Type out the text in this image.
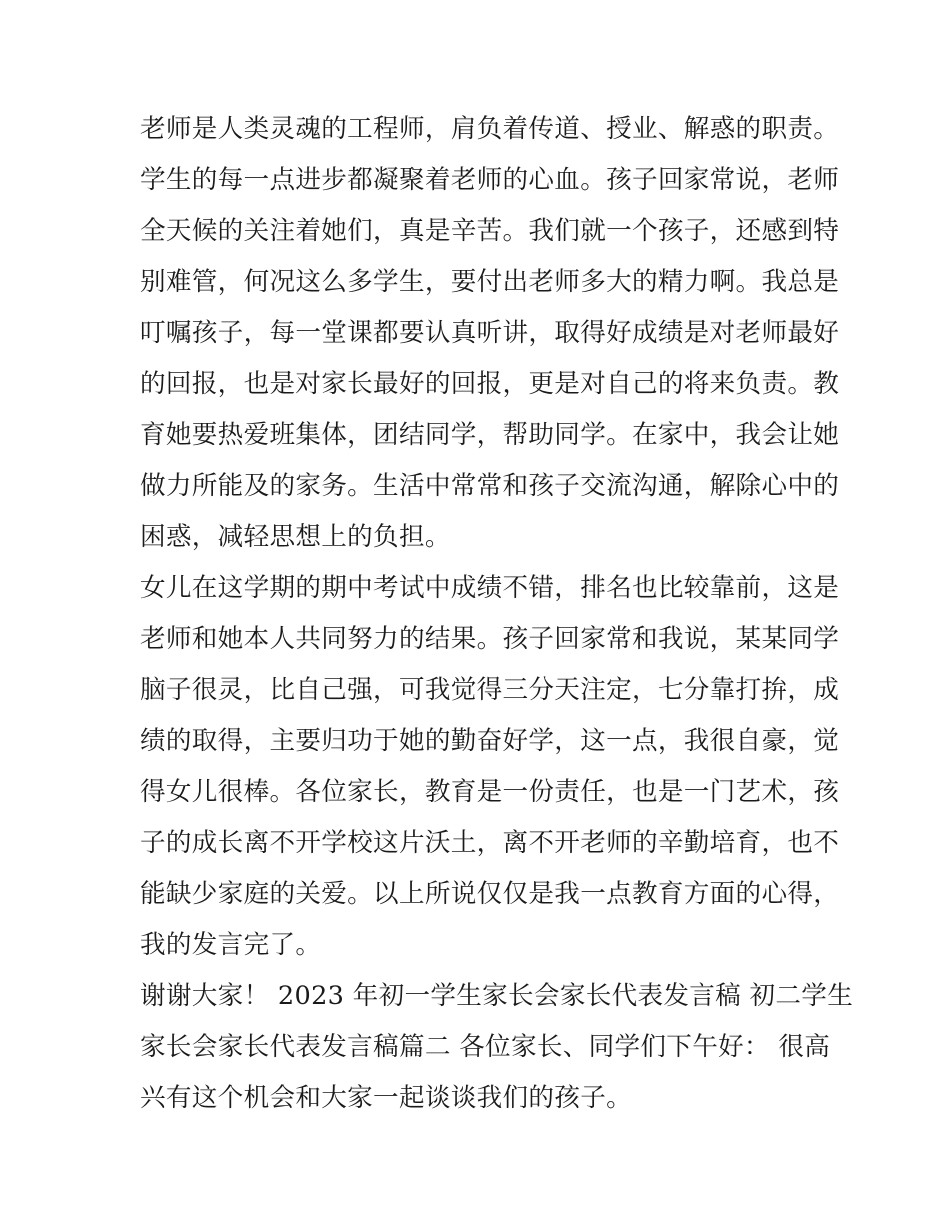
老师是人类灵魂的工程师，肩负着传道、授业、解惑的职责。
学生的每一点进步都凝聚着老师的心血。孩子回家常说，老师
全天候的关注着她们，真是辛苦。我们就一个孩子，还感到特
别难管，何况这么多学生，要付出老师多大的精力啊。我总是
叮嘱孩子，每一堂课都要认真听讲，取得好成绩是对老师最好
的回报，也是对家长最好的回报，更是对自己的将来负责。教
育她要热爱班集体，团结同学，帮助同学。在家中，我会让她
做力所能及的家务。生活中常常和孩子交流沟通，解除心中的
困惑，减轻思想上的负担。

女儿在这学期的期中考试中成绩不错，排名也比较靠前，这是
老师和她本人共同努力的结果。孩子回家常和我说，某某同学
脑子很灵，比自己强，可我觉得三分天注定，七分靠打拚，成
绩的取得，主要归功于她的勤奋好学，这一点，我很自豪，觉
得女儿很棒。各位家长，教育是一份责任，也是一门艺术，孩
子的成长离不开学校这片沃土，离不开老师的辛勤培育，也不
能缺少家庭的关爱。以上所说仅仅是我一点教育方面的心得，
我的发言完了。

谢谢大家！ 2023 年初一学生家长会家长代表发言稿 初二学生
家长会家长代表发言稿篇二 各位家长、同学们下午好： 很高
兴有这个机会和大家一起谈谈我们的孩子。
